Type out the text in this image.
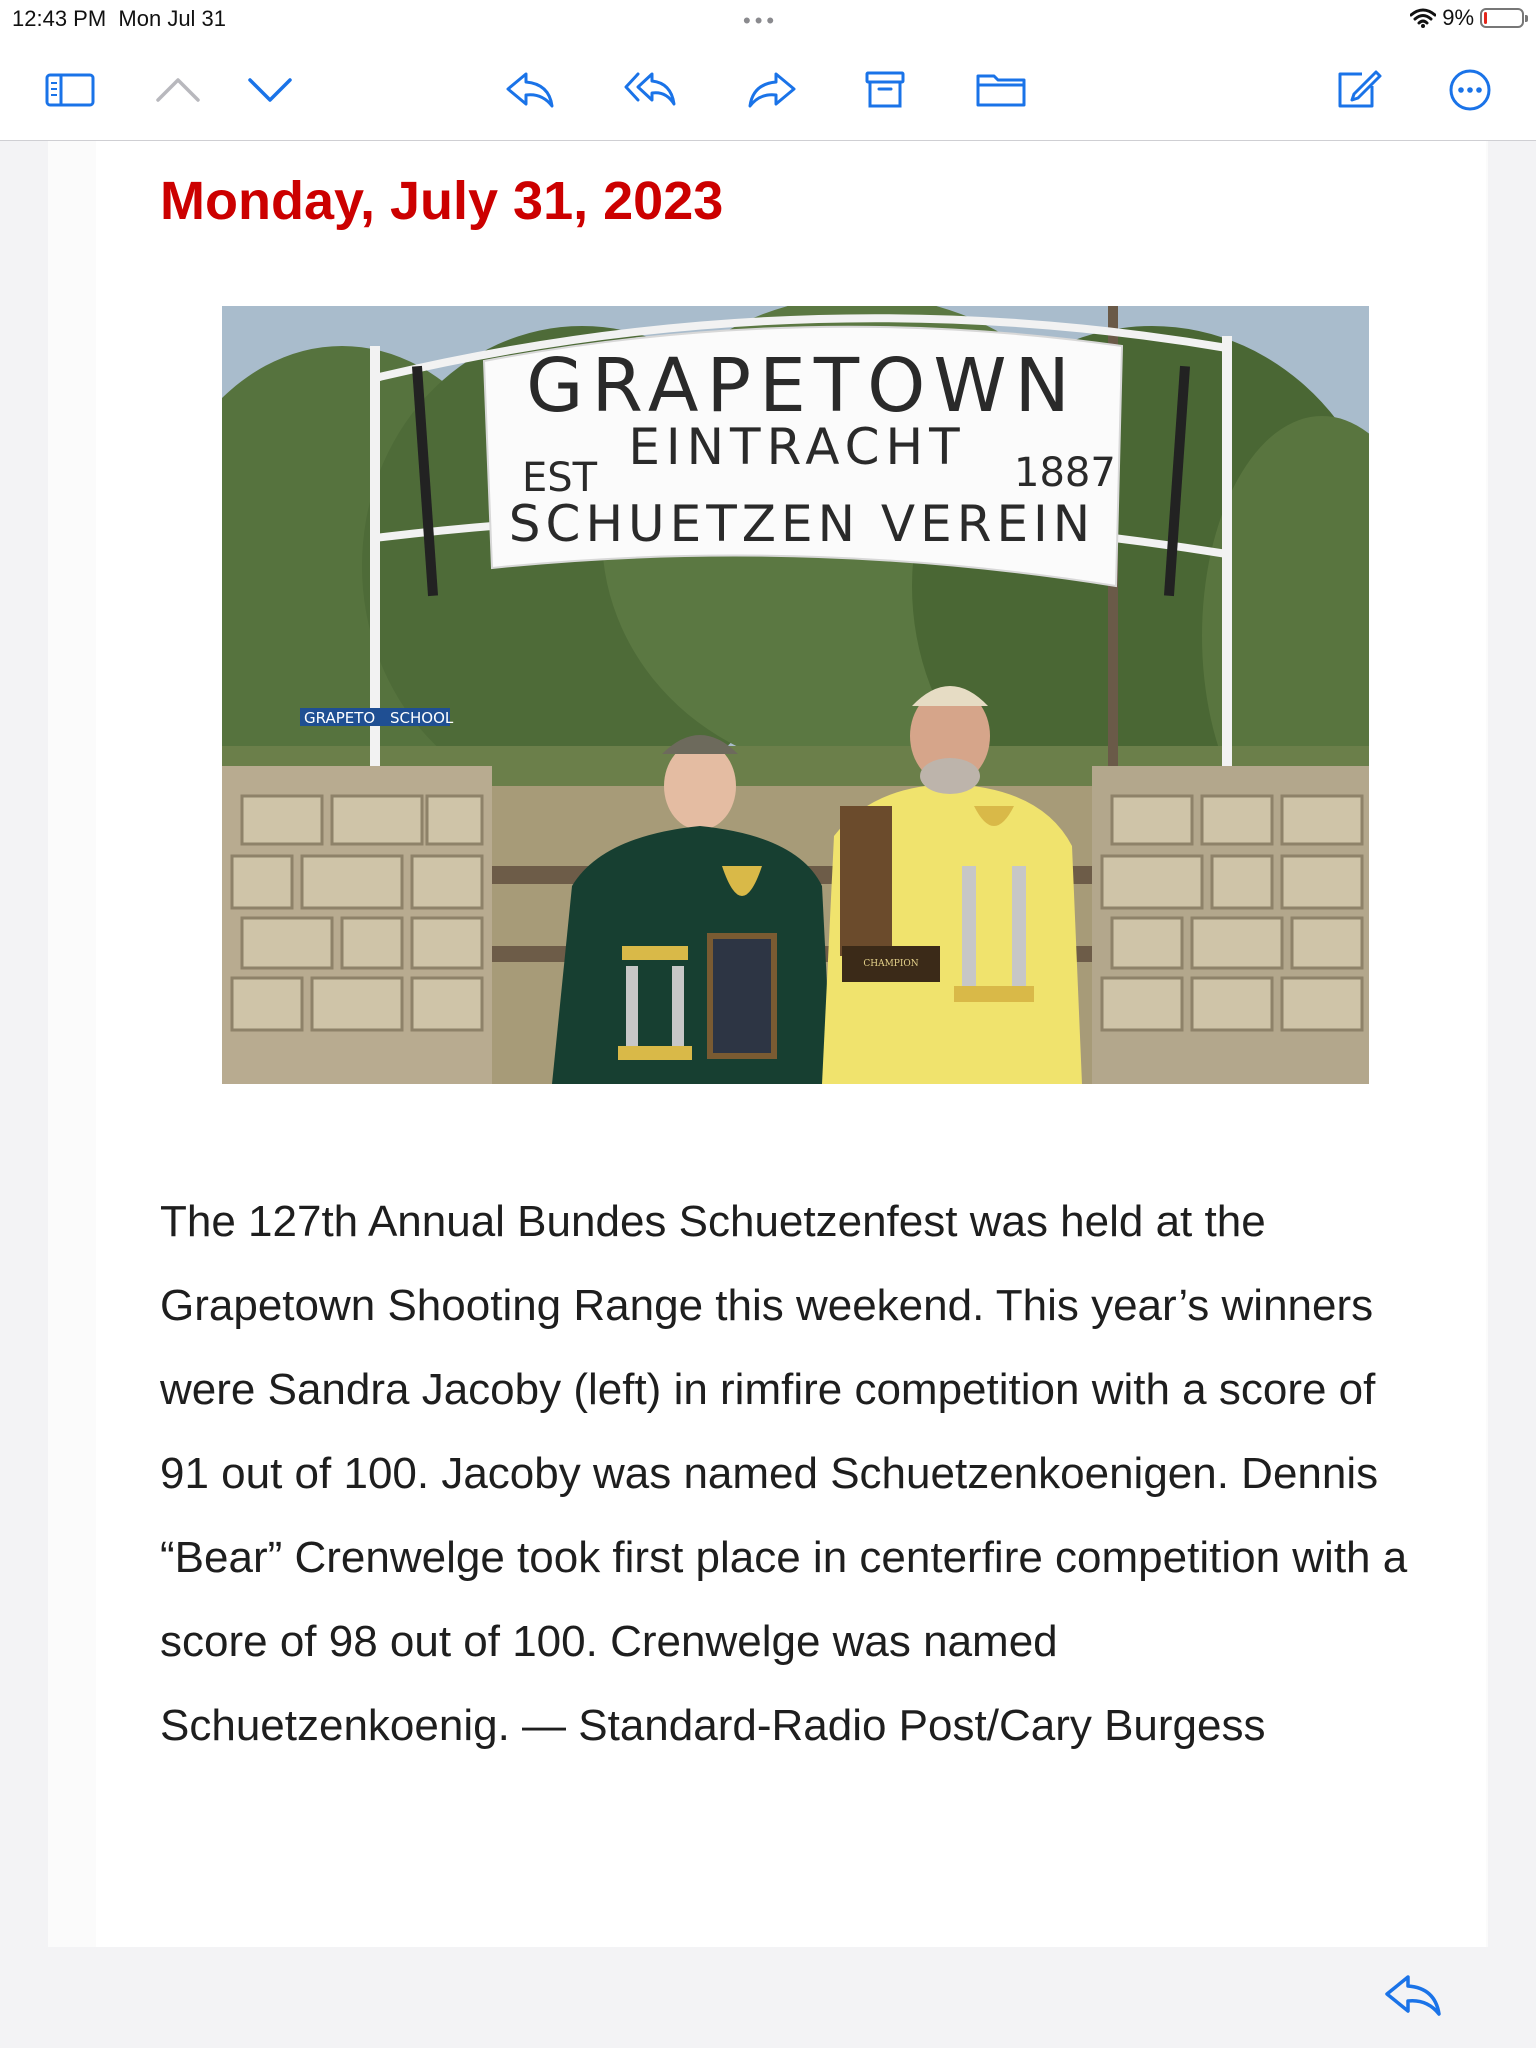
12:43 PM Mon Jul 31	•••	9%
Monday, July 31, 2023
GRAPETOWN
EINTRACHT
EST	1887
SCHUETZEN VEREIN
GRAPETO SCHOOL
CHAMPION

The 127th Annual Bundes Schuetzenfest was held at the Grapetown Shooting Range this weekend. This year’s winners were Sandra Jacoby (left) in rimfire competition with a score of 91 out of 100. Jacoby was named Schuetzenkoenigen. Dennis “Bear” Crenwelge took first place in centerfire competition with a score of 98 out of 100. Crenwelge was named Schuetzenkoenig. — Standard-Radio Post/Cary Burgess
